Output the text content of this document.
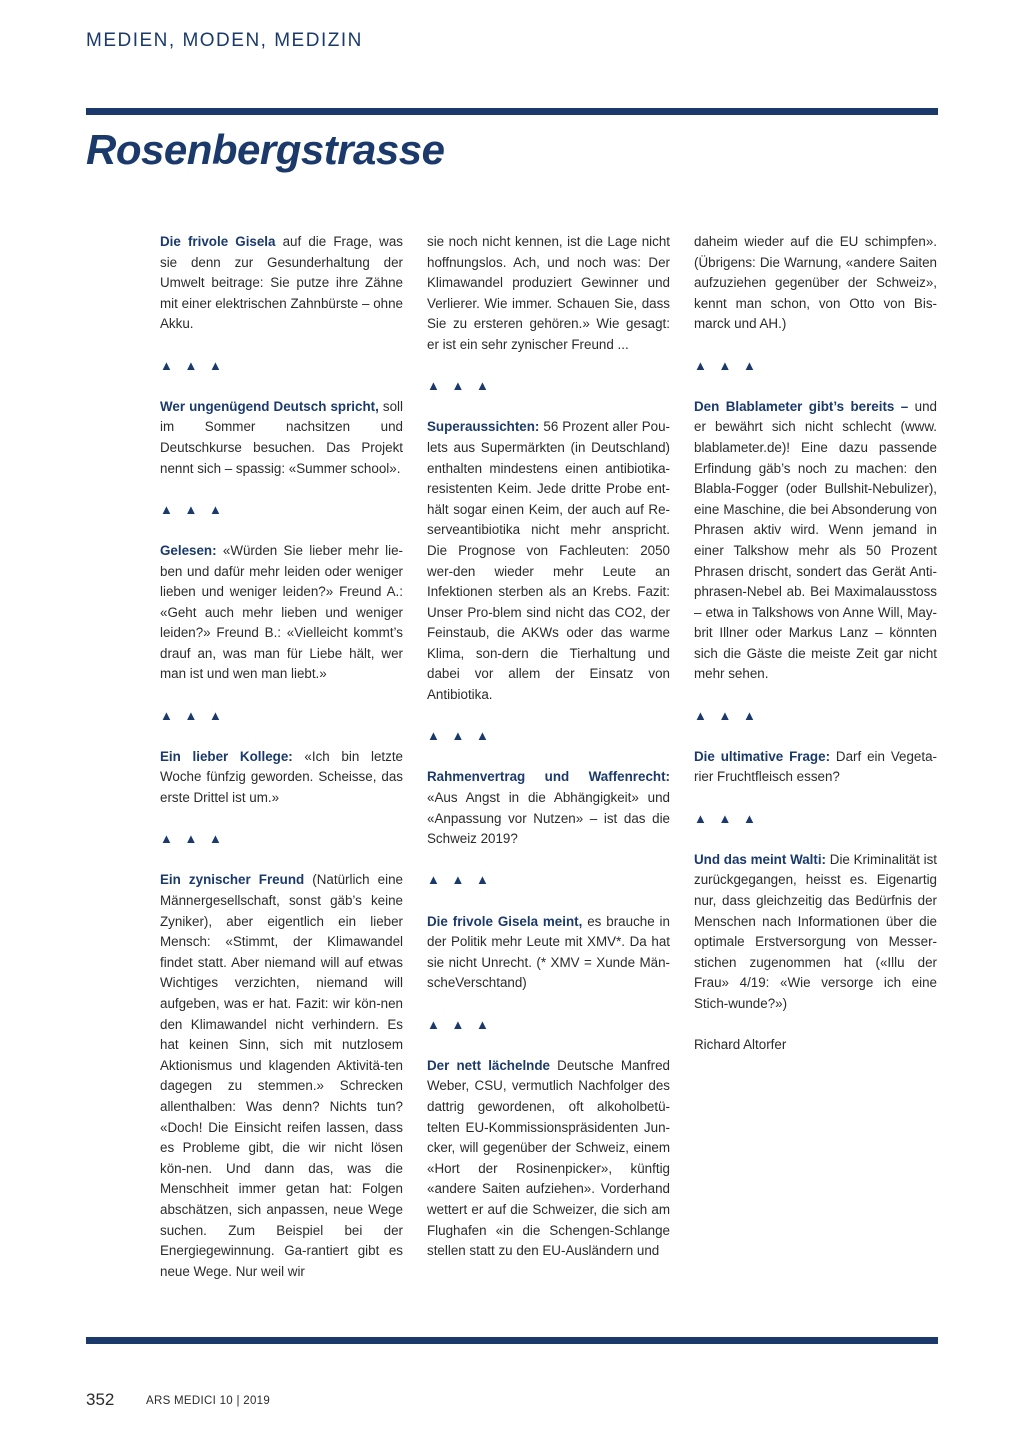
MEDIEN, MODEN, MEDIZIN
Rosenbergstrasse

Die frivole Gisela auf die Frage, was sie denn zur Gesunderhaltung der Umwelt beitrage: Sie putze ihre Zähne mit einer elektrischen Zahnbürste – ohne Akku.

▲ ▲ ▲

Wer ungenügend Deutsch spricht, soll im Sommer nachsitzen und Deutschkurse besuchen. Das Projekt nennt sich – spassig: «Summer school».

▲ ▲ ▲

Gelesen: «Würden Sie lieber mehr lie-ben und dafür mehr leiden oder weniger lieben und weniger leiden?» Freund A.: «Geht auch mehr lieben und weniger leiden?» Freund B.: «Vielleicht kommt’s drauf an, was man für Liebe hält, wer man ist und wen man liebt.»

▲ ▲ ▲

Ein lieber Kollege: «Ich bin letzte Woche fünfzig geworden. Scheisse, das erste Drittel ist um.»

▲ ▲ ▲

Ein zynischer Freund (Natürlich eine Männergesellschaft, sonst gäb’s keine Zyniker), aber eigentlich ein lieber Mensch: «Stimmt, der Klimawandel findet statt. Aber niemand will auf etwas Wichtiges verzichten, niemand will aufgeben, was er hat. Fazit: wir kön-nen den Klimawandel nicht verhindern. Es hat keinen Sinn, sich mit nutzlosem Aktionismus und klagenden Aktivitä-ten dagegen zu stemmen.» Schrecken allenthalben: Was denn? Nichts tun? «Doch! Die Einsicht reifen lassen, dass es Probleme gibt, die wir nicht lösen kön-nen. Und dann das, was die Menschheit immer getan hat: Folgen abschätzen, sich anpassen, neue Wege suchen. Zum Beispiel bei der Energiegewinnung. Ga-rantiert gibt es neue Wege. Nur weil wir

sie noch nicht kennen, ist die Lage nicht hoffnungslos. Ach, und noch was: Der Klimawandel produziert Gewinner und Verlierer. Wie immer. Schauen Sie, dass Sie zu ersteren gehören.» Wie gesagt: er ist ein sehr zynischer Freund ...

▲ ▲ ▲

Superaussichten: 56 Prozent aller Pou-lets aus Supermärkten (in Deutschland) enthalten mindestens einen antibiotika-resistenten Keim. Jede dritte Probe ent-hält sogar einen Keim, der auch auf Re-serveantibiotika nicht mehr anspricht. Die Prognose von Fachleuten: 2050 wer-den wieder mehr Leute an Infektionen sterben als an Krebs. Fazit: Unser Pro-blem sind nicht das CO2, der Feinstaub, die AKWs oder das warme Klima, son-dern die Tierhaltung und dabei vor allem der Einsatz von Antibiotika.

▲ ▲ ▲

Rahmenvertrag und Waffenrecht: «Aus Angst in die Abhängigkeit» und «Anpassung vor Nutzen» – ist das die Schweiz 2019?

▲ ▲ ▲

Die frivole Gisela meint, es brauche in der Politik mehr Leute mit XMV*. Da hat sie nicht Unrecht. (* XMV = Xunde Män-scheVerschtand)

▲ ▲ ▲

Der nett lächelnde Deutsche Manfred Weber, CSU, vermutlich Nachfolger des dattrig gewordenen, oft alkoholbetü-telten EU-Kommissionspräsidenten Jun-cker, will gegenüber der Schweiz, einem «Hort der Rosinenpicker», künftig «andere Saiten aufziehen». Vorderhand wettert er auf die Schweizer, die sich am Flughafen «in die Schengen-Schlange stellen statt zu den EU-Ausländern und

daheim wieder auf die EU schimpfen». (Übrigens: Die Warnung, «andere Saiten aufzuziehen gegenüber der Schweiz», kennt man schon, von Otto von Bis-marck und AH.)

▲ ▲ ▲

Den Blablameter gibt’s bereits – und er bewährt sich nicht schlecht (www. blablameter.de)! Eine dazu passende Erfindung gäb’s noch zu machen: den Blabla-Fogger (oder Bullshit-Nebulizer), eine Maschine, die bei Absonderung von Phrasen aktiv wird. Wenn jemand in einer Talkshow mehr als 50 Prozent Phrasen drischt, sondert das Gerät Anti-phrasen-Nebel ab. Bei Maximalausstoss – etwa in Talkshows von Anne Will, May-brit Illner oder Markus Lanz – könnten sich die Gäste die meiste Zeit gar nicht mehr sehen.

▲ ▲ ▲

Die ultimative Frage: Darf ein Vegeta-rier Fruchtfleisch essen?

▲ ▲ ▲

Und das meint Walti: Die Kriminalität ist zurückgegangen, heisst es. Eigenartig nur, dass gleichzeitig das Bedürfnis der Menschen nach Informationen über die optimale Erstversorgung von Messer-stichen zugenommen hat («Illu der Frau» 4/19: «Wie versorge ich eine Stich-wunde?»)

Richard Altorfer

352	ARS MEDICI 10 | 2019
